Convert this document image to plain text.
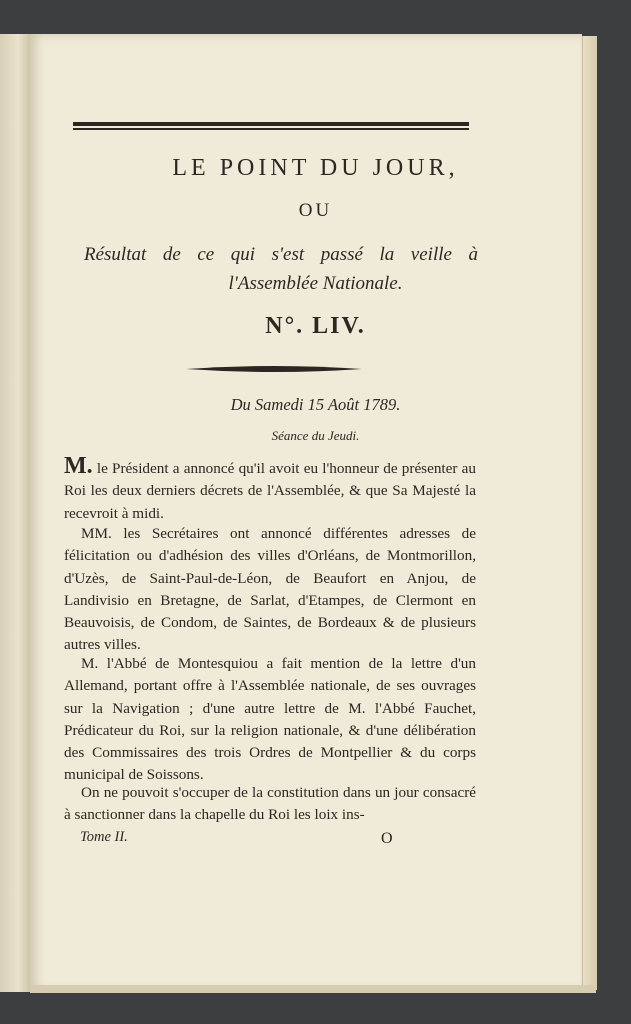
LE POINT DU JOUR,
OU
Résultat de ce qui s'est passé la veille à
l'Assemblée Nationale.
N°. LIV.
Du Samedi 15 Août 1789.
Séance du Jeudi.
M. le Président a annoncé qu'il avoit eu l'honneur de présenter au Roi les deux derniers décrets de l'Assemblée, & que Sa Majesté la recevroit à midi.
MM. les Secrétaires ont annoncé différentes adresses de félicitation ou d'adhésion des villes d'Orléans, de Montmorillon, d'Uzès, de Saint-Paul-de-Léon, de Beaufort en Anjou, de Landivisio en Bretagne, de Sarlat, d'Etampes, de Clermont en Beauvoisis, de Condom, de Saintes, de Bordeaux & de plusieurs autres villes.
M. l'Abbé de Montesquiou a fait mention de la lettre d'un Allemand, portant offre à l'Assemblée nationale, de ses ouvrages sur la Navigation ; d'une autre lettre de M. l'Abbé Fauchet, Prédicateur du Roi, sur la religion nationale, & d'une délibération des Commissaires des trois Ordres de Montpellier & du corps municipal de Soissons.
On ne pouvoit s'occuper de la constitution dans un jour consacré à sanctionner dans la chapelle du Roi les loix ins-
Tome II.	O
